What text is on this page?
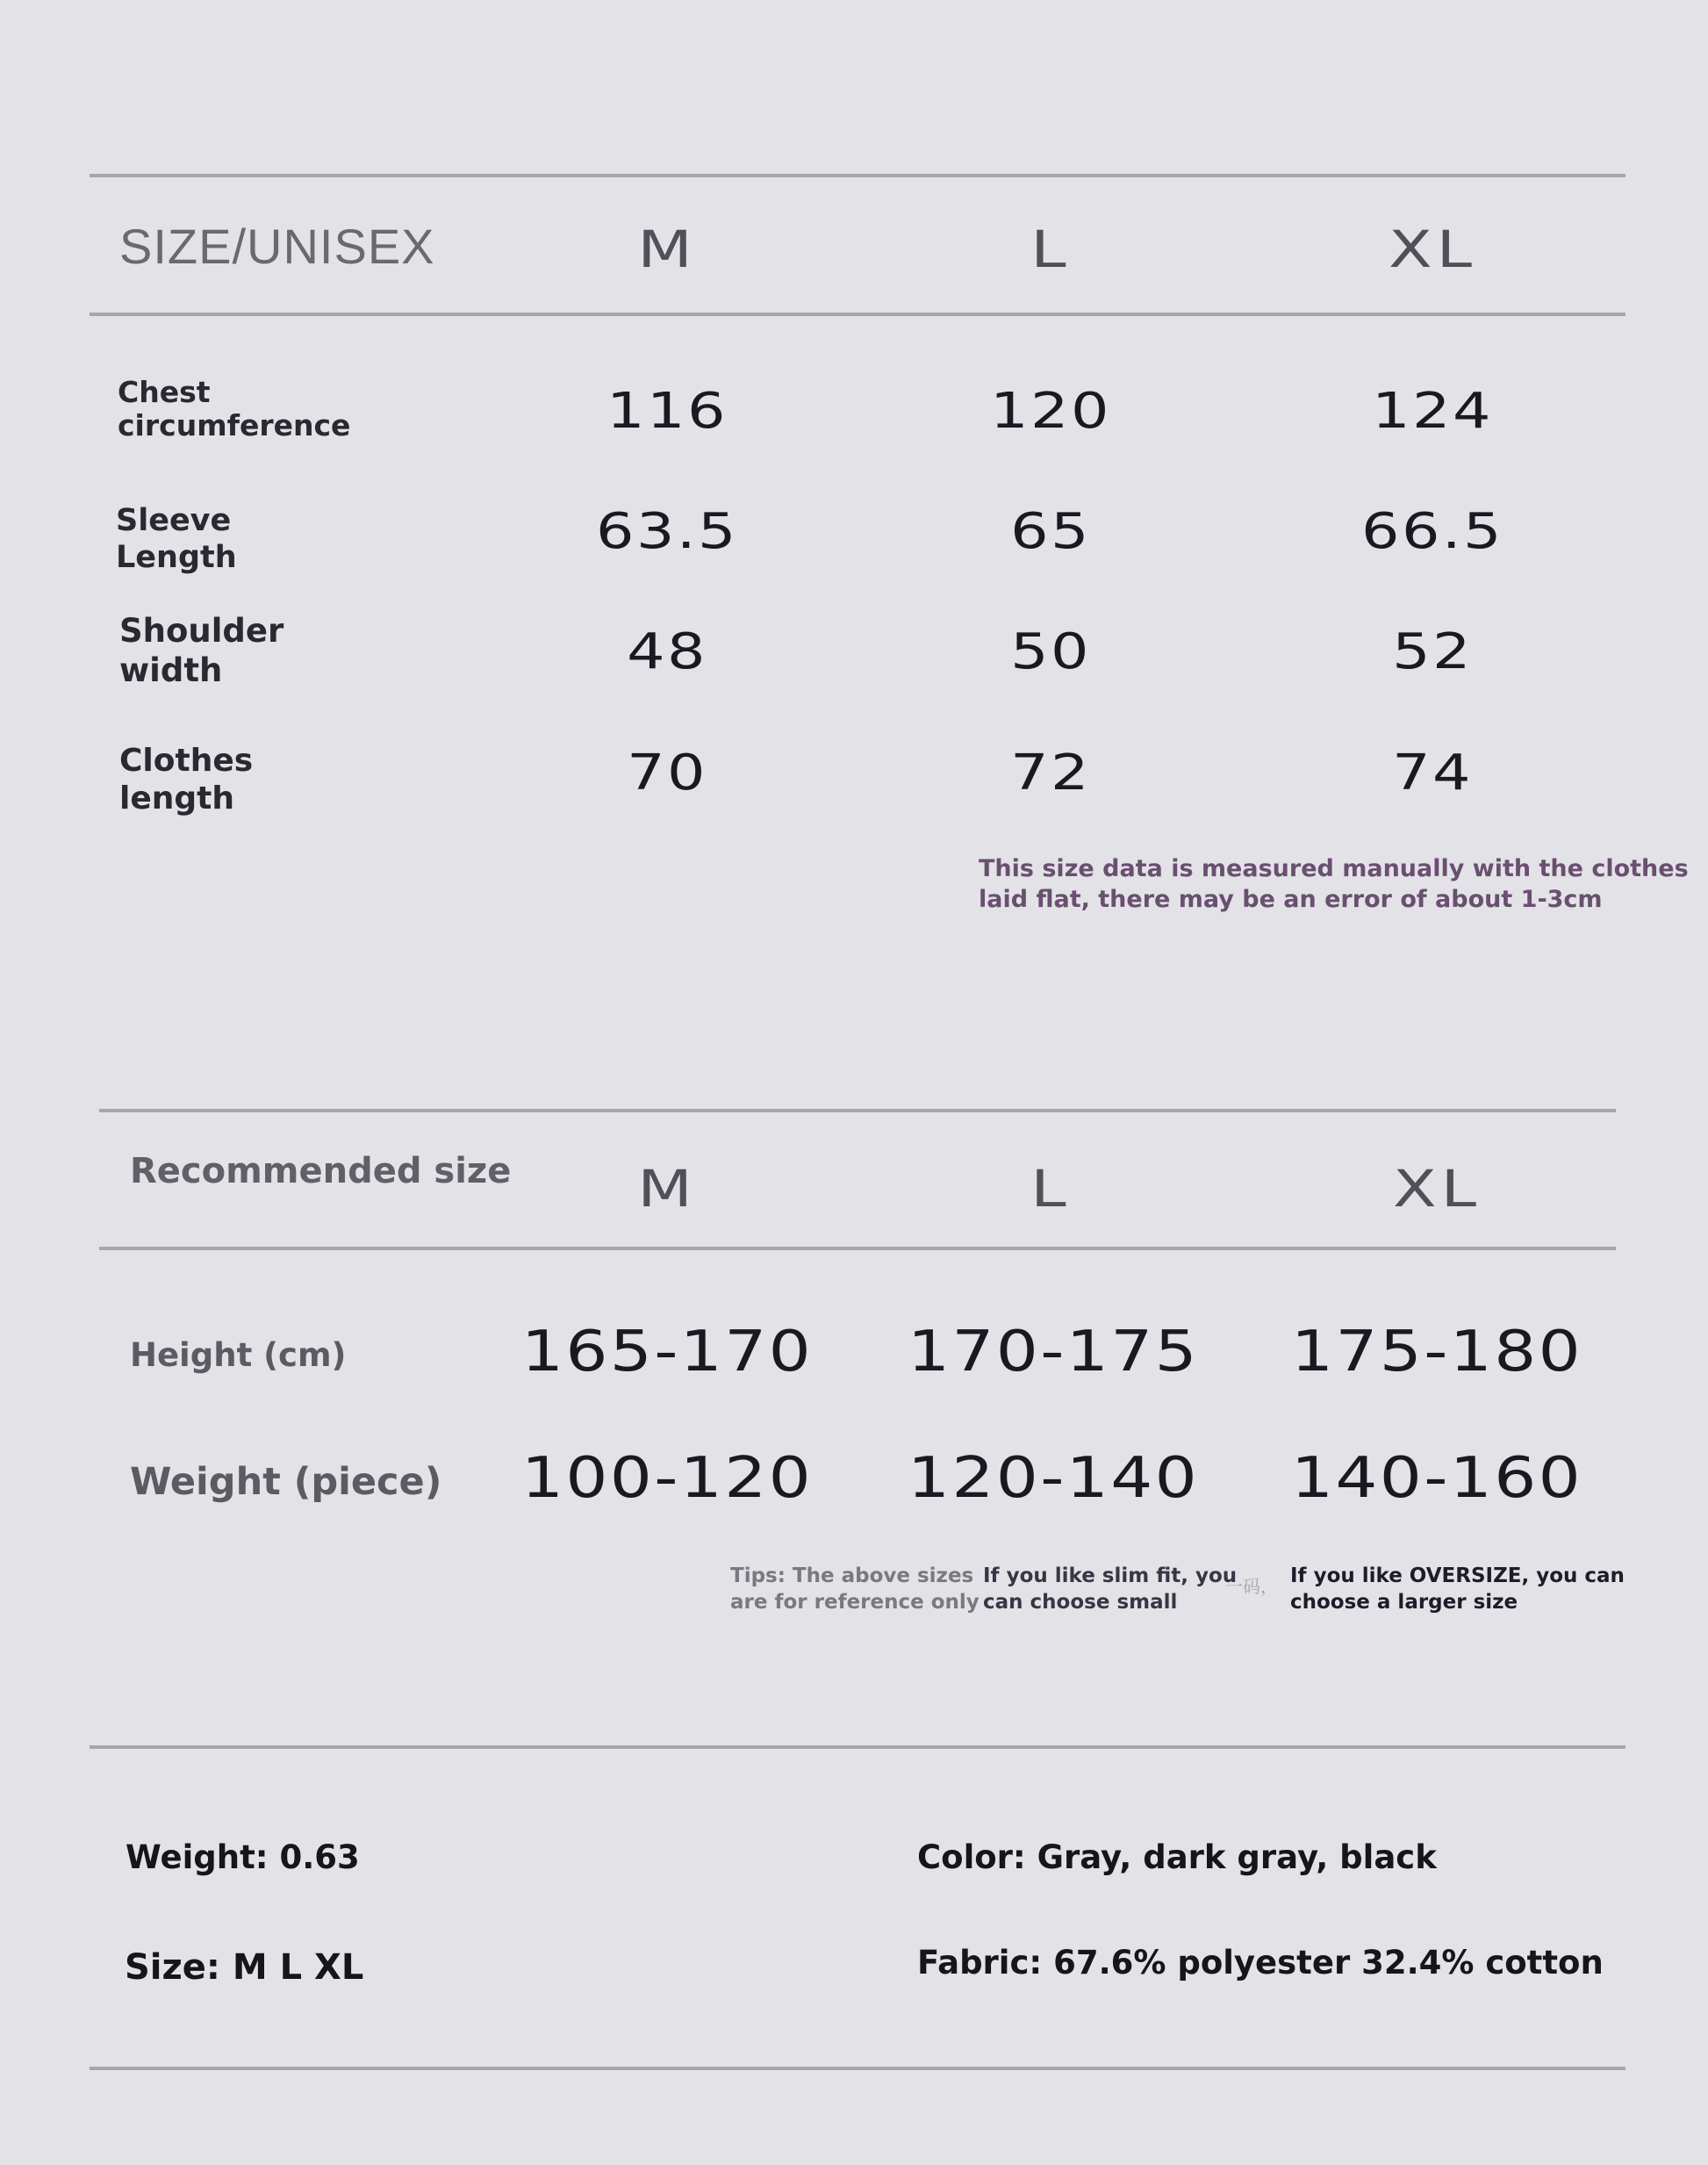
SIZE/UNISEX	M	L	XL
Chest
circumference	116	120	124
Sleeve
Length	63.5	65	66.5
Shoulder
width	48	50	52
Clothes
length	70	72	74
This size data is measured manually with the clothes
laid flat, there may be an error of about 1-3cm
Recommended size	M	L	XL
Height (cm)	165-170	170-175	175-180
Weight (piece)	100-120	120-140	140-160
Tips: The above sizes
are for reference only
If you like slim fit, you
can choose small
一码， If you like OVERSIZE, you can
choose a larger size
Weight: 0.63	Color: Gray, dark gray, black
Size: M L XL	Fabric: 67.6% polyester 32.4% cotton
